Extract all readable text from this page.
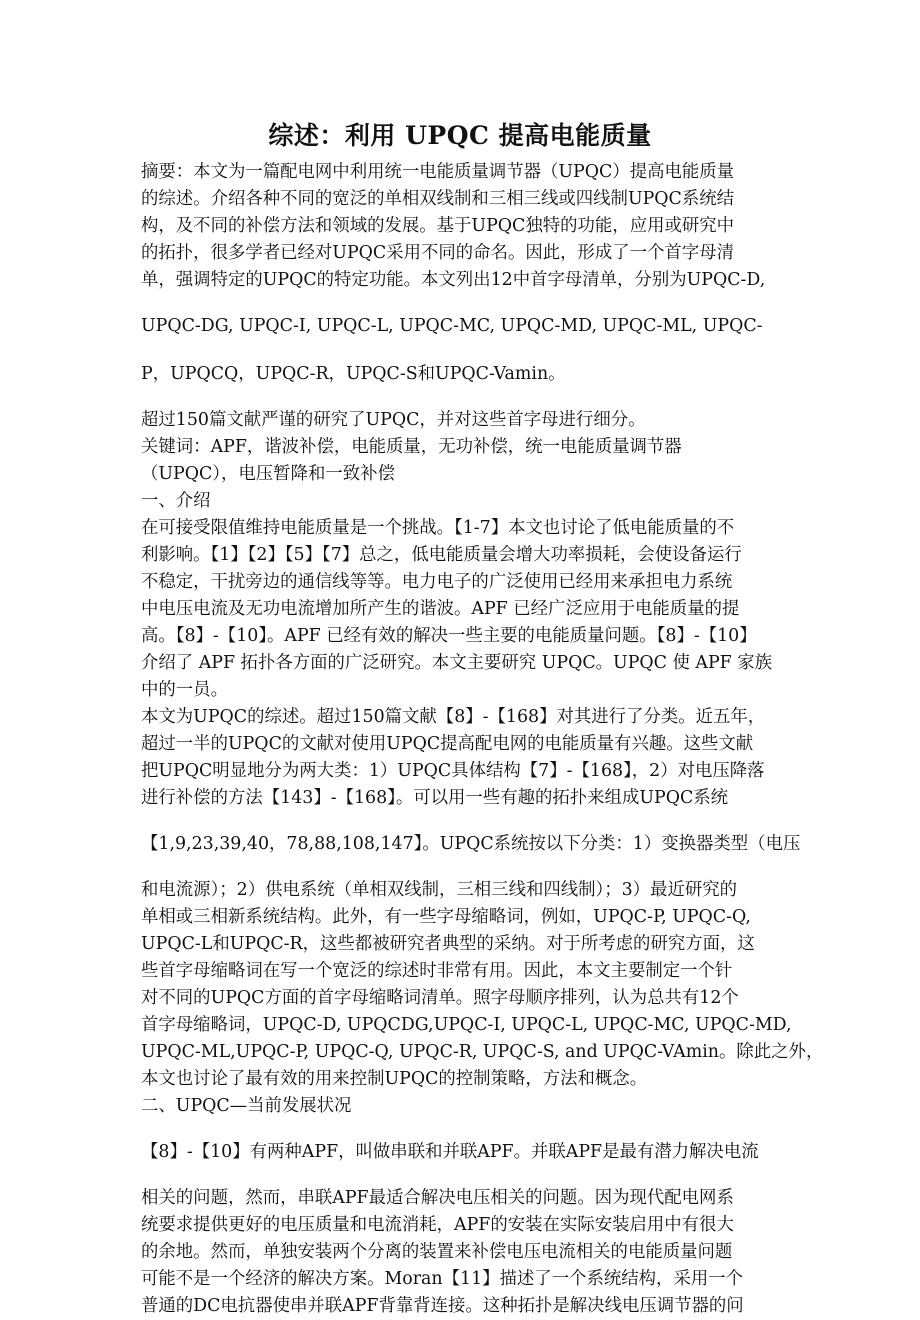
综述：利用 UPQC 提高电能质量
摘要：本文为一篇配电网中利用统一电能质量调节器（UPQC）提高电能质量
的综述。介绍各种不同的宽泛的单相双线制和三相三线或四线制UPQC系统结
构，及不同的补偿方法和领域的发展。基于UPQC独特的功能，应用或研究中
的拓扑，很多学者已经对UPQC采用不同的命名。因此，形成了一个首字母清
单，强调特定的UPQC的特定功能。本文列出12中首字母清单，分别为UPQC-D,
UPQC-DG, UPQC-I, UPQC-L, UPQC-MC, UPQC-MD, UPQC-ML, UPQC-
P，UPQCQ，UPQC-R，UPQC-S和UPQC-Vamin。
超过150篇文献严谨的研究了UPQC，并对这些首字母进行细分。
关键词：APF，谐波补偿，电能质量，无功补偿，统一电能质量调节器
（UPQC），电压暂降和一致补偿
一、介绍
在可接受限值维持电能质量是一个挑战。【1-7】本文也讨论了低电能质量的不
利影响。【1】【2】【5】【7】总之，低电能质量会增大功率损耗，会使设备运行
不稳定，干扰旁边的通信线等等。电力电子的广泛使用已经用来承担电力系统
中电压电流及无功电流增加所产生的谐波。APF 已经广泛应用于电能质量的提
高。【8】-【10】。APF 已经有效的解决一些主要的电能质量问题。【8】-【10】
介绍了 APF 拓扑各方面的广泛研究。本文主要研究 UPQC。UPQC 使 APF 家族
中的一员。
本文为UPQC的综述。超过150篇文献【8】-【168】对其进行了分类。近五年，
超过一半的UPQC的文献对使用UPQC提高配电网的电能质量有兴趣。这些文献
把UPQC明显地分为两大类：1）UPQC具体结构【7】-【168】，2）对电压降落
进行补偿的方法【143】-【168】。可以用一些有趣的拓扑来组成UPQC系统
【1,9,23,39,40，78,88,108,147】。UPQC系统按以下分类：1）变换器类型（电压
和电流源）；2）供电系统（单相双线制，三相三线和四线制）；3）最近研究的
单相或三相新系统结构。此外，有一些字母缩略词，例如，UPQC-P, UPQC-Q,
UPQC-L和UPQC-R，这些都被研究者典型的采纳。对于所考虑的研究方面，这
些首字母缩略词在写一个宽泛的综述时非常有用。因此，本文主要制定一个针
对不同的UPQC方面的首字母缩略词清单。照字母顺序排列，认为总共有12个
首字母缩略词，UPQC-D, UPQCDG,UPQC-I, UPQC-L, UPQC-MC, UPQC-MD,
UPQC-ML,UPQC-P, UPQC-Q, UPQC-R, UPQC-S, and UPQC-VAmin。除此之外，
本文也讨论了最有效的用来控制UPQC的控制策略，方法和概念。
二、UPQC—当前发展状况
【8】-【10】有两种APF，叫做串联和并联APF。并联APF是最有潜力解决电流
相关的问题，然而，串联APF最适合解决电压相关的问题。因为现代配电网系
统要求提供更好的电压质量和电流消耗，APF的安装在实际安装启用中有很大
的余地。然而，单独安装两个分离的装置来补偿电压电流相关的电能质量问题
可能不是一个经济的解决方案。Moran【11】描述了一个系统结构，采用一个
普通的DC电抗器使串并联APF背靠背连接。这种拓扑是解决线电压调节器的问
